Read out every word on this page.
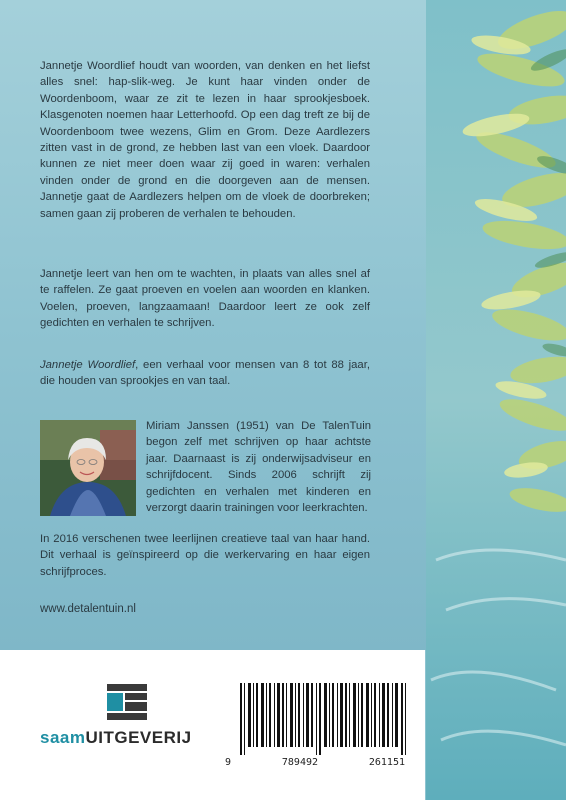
Jannetje Woordlief houdt van woorden, van denken en het liefst alles snel: hap-slik-weg. Je kunt haar vinden onder de Woordenboom, waar ze zit te lezen in haar sprookjesboek. Klasgenoten noemen haar Letterhoofd. Op een dag treft ze bij de Woordenboom twee wezens, Glim en Grom. Deze Aardlezers zitten vast in de grond, ze hebben last van een vloek. Daardoor kunnen ze niet meer doen waar zij goed in waren: verhalen vinden onder de grond en die doorgeven aan de mensen. Jannetje gaat de Aardlezers helpen om de vloek de doorbreken; samen gaan zij proberen de verhalen te behouden.

Jannetje leert van hen om te wachten, in plaats van alles snel af te raffelen. Ze gaat proeven en voelen aan woorden en klanken. Voelen, proeven, langzaamaan! Daardoor leert ze ook zelf gedichten en verhalen te schrijven.

Jannetje Woordlief, een verhaal voor mensen van 8 tot 88 jaar, die houden van sprookjes en van taal.

Miriam Janssen (1951) van De TalenTuin begon zelf met schrijven op haar achtste jaar. Daarnaast is zij onderwijsadviseur en schrijfdocent. Sinds 2006 schrijft zij gedichten en verhalen met kinderen en verzorgt daarin trainingen voor leerkrachten.

In 2016 verschenen twee leerlijnen creatieve taal van haar hand. Dit verhaal is geïnspireerd op die werkervaring en haar eigen schrijfproces.

www.detalentuin.nl
saamUITGEVERIJ
9	789492	261151
